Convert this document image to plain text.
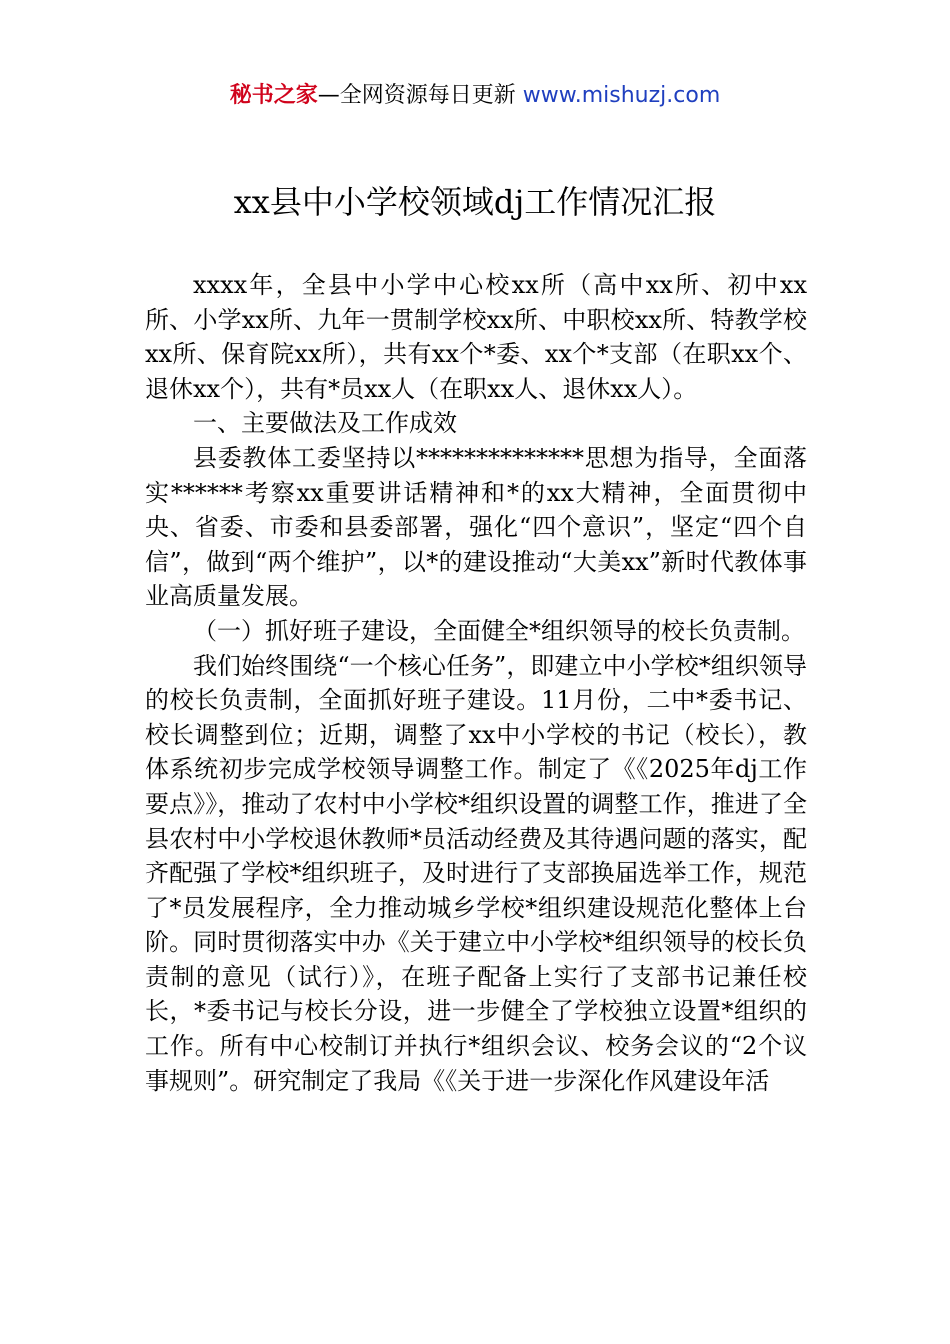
秘书之家—全网资源每日更新 www.mishuzj.com
xx县中小学校领域dj工作情况汇报

xxxx年，全县中小学中心校xx所（高中xx所、初中xx所、小学xx所、九年一贯制学校xx所、中职校xx所、特教学校xx所、保育院xx所），共有xx个*委、xx个*支部（在职xx个、退休xx个），共有*员xx人（在职xx人、退休xx人）。

一、主要做法及工作成效

县委教体工委坚持以**************思想为指导，全面落实******考察xx重要讲话精神和*的xx大精神，全面贯彻中央、省委、市委和县委部署，强化“四个意识”，坚定“四个自信”，做到“两个维护”，以*的建设推动“大美xx”新时代教体事业高质量发展。

（一）抓好班子建设，全面健全*组织领导的校长负责制。

我们始终围绕“一个核心任务”，即建立中小学校*组织领导的校长负责制，全面抓好班子建设。11月份，二中*委书记、校长调整到位；近期，调整了xx中小学校的书记（校长），教体系统初步完成学校领导调整工作。制定了《《2025年dj工作要点》》，推动了农村中小学校*组织设置的调整工作，推进了全县农村中小学校退休教师*员活动经费及其待遇问题的落实，配齐配强了学校*组织班子，及时进行了支部换届选举工作，规范了*员发展程序，全力推动城乡学校*组织建设规范化整体上台阶。同时贯彻落实中办《关于建立中小学校*组织领导的校长负责制的意见（试行）》，在班子配备上实行了支部书记兼任校长，*委书记与校长分设，进一步健全了学校独立设置*组织的工作。所有中心校制订并执行*组织会议、校务会议的“2个议事规则”。研究制定了我局《《关于进一步深化作风建设年活
